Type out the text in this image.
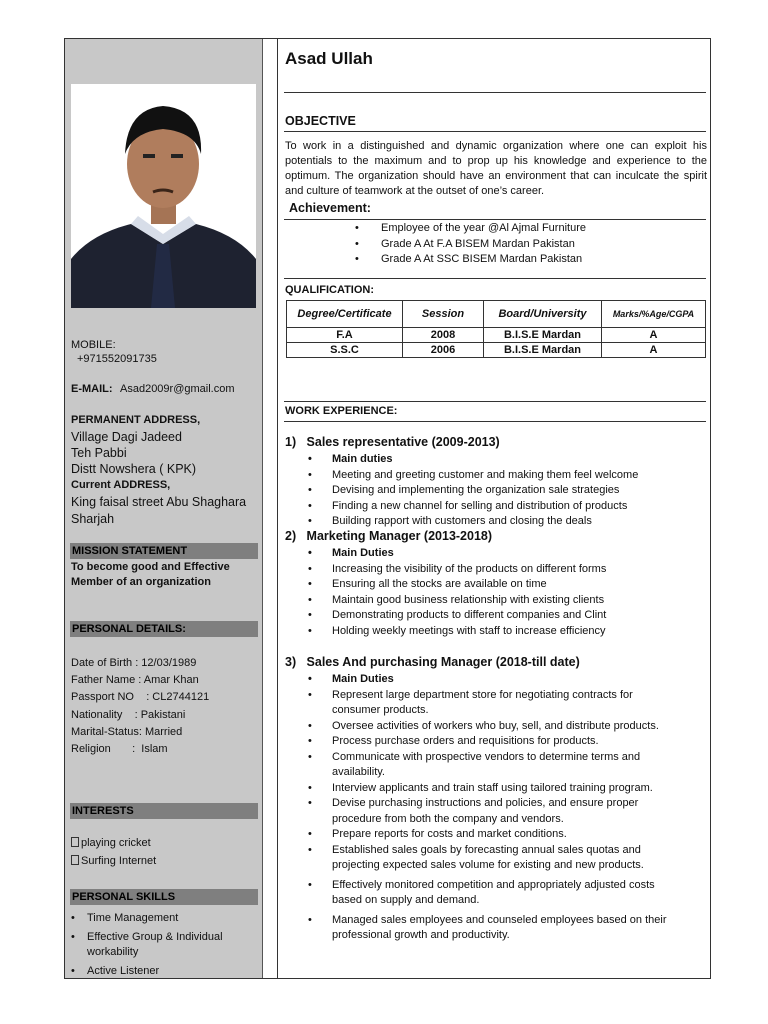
MOBILE:
+971552091735
E-MAIL: Asad2009r@gmail.com
PERMANENT ADDRESS,
Village Dagi Jadeed
Teh Pabbi
Distt Nowshera ( KPK)
Current ADDRESS,
King faisal street Abu Shaghara
Sharjah
MISSION STATEMENT
To become good and Effective Member of an organization
PERSONAL DETAILS:
Date of Birth : 12/03/1989
Father Name : Amar Khan
Passport NO    : CL2744121
Nationality    : Pakistani
Marital-Status: Married
Religion       :  Islam
INTERESTS
playing cricket
Surfing Internet
PERSONAL SKILLS
• Time Management
• Effective Group & Individual workability
• Active Listener
Asad Ullah
OBJECTIVE
To work in a distinguished and dynamic organization where one can exploit his potentials to the maximum and to prop up his knowledge and experience to the optimum. The organization should have an environment that can inculcate the spirit and culture of teamwork at the outset of one’s career.
Achievement:
• Employee of the year @Al Ajmal Furniture
• Grade A At F.A BISEM Mardan Pakistan
• Grade A At SSC BISEM Mardan Pakistan
QUALIFICATION:
Degree/Certificate	Session	Board/University	Marks/%Age/CGPA
F.A	2008	B.I.S.E Mardan	A
S.S.C	2006	B.I.S.E Mardan	A
WORK EXPERIENCE:
1)   Sales representative (2009-2013)
• Main duties
• Meeting and greeting customer and making them feel welcome
• Devising and implementing the organization sale strategies
• Finding a new channel for selling and distribution of products
• Building rapport with customers and closing the deals
2)   Marketing Manager (2013-2018)
• Main Duties
• Increasing the visibility of the products on different forms
• Ensuring all the stocks are available on time
• Maintain good business relationship with existing clients
• Demonstrating products to different companies and Clint
• Holding weekly meetings with staff to increase efficiency
3)   Sales And purchasing Manager (2018-till date)
• Main Duties
• Represent large department store for negotiating contracts for consumer products.
• Oversee activities of workers who buy, sell, and distribute products.
• Process purchase orders and requisitions for products.
• Communicate with prospective vendors to determine terms and availability.
• Interview applicants and train staff using tailored training program.
• Devise purchasing instructions and policies, and ensure proper procedure from both the company and vendors.
• Prepare reports for costs and market conditions.
• Established sales goals by forecasting annual sales quotas and projecting expected sales volume for existing and new products.
• Effectively monitored competition and appropriately adjusted costs based on supply and demand.
• Managed sales employees and counseled employees based on their professional growth and productivity.
